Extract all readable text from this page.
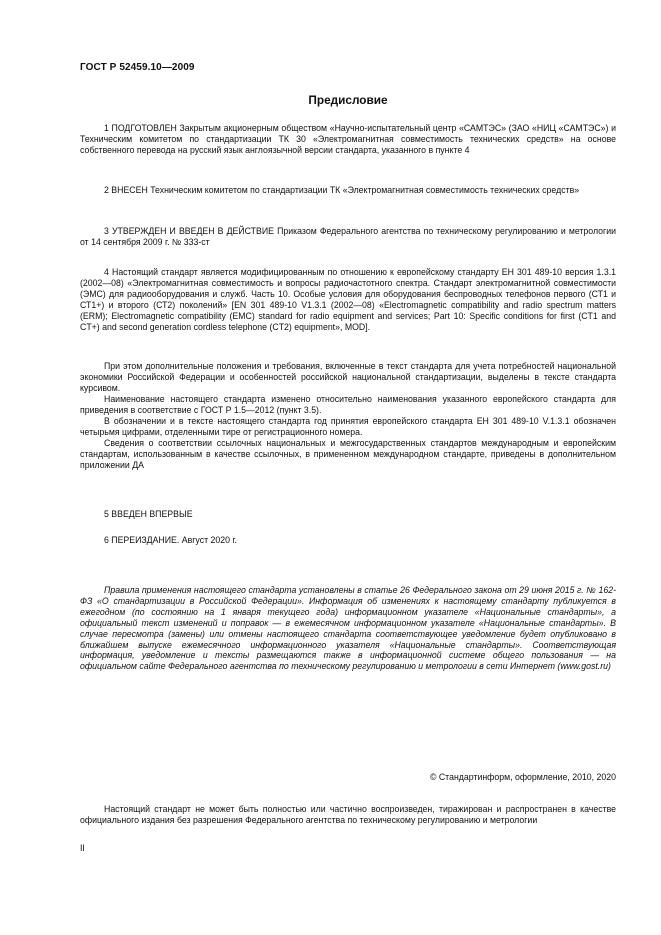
ГОСТ Р 52459.10—2009
Предисловие

1 ПОДГОТОВЛЕН Закрытым акционерным обществом «Научно-испытательный центр «САМТЭС» (ЗАО «НИЦ «САМТЭС») и Техническим комитетом по стандартизации ТК 30 «Электромагнитная совместимость технических средств» на основе собственного перевода на русский язык англоязычной версии стандарта, указанного в пункте 4

2 ВНЕСЕН Техническим комитетом по стандартизации ТК «Электромагнитная совместимость технических средств»

3 УТВЕРЖДЕН И ВВЕДЕН В ДЕЙСТВИЕ Приказом Федерального агентства по техническому регулированию и метрологии от 14 сентября 2009 г. № 333-ст

4 Настоящий стандарт является модифицированным по отношению к европейскому стандарту ЕН 301 489-10 версия 1.3.1 (2002—08) «Электромагнитная совместимость и вопросы радиочастотного спектра. Стандарт электромагнитной совместимости (ЭМС) для радиооборудования и служб. Часть 10. Особые условия для оборудования беспроводных телефонов первого (СТ1 и СТ1+) и второго (СТ2) поколений» [EN 301 489-10 V1.3.1 (2002—08) «Electromagnetic compatibility and radio spectrum matters (ERM); Electromagnetic compatibility (EMC) standard for radio equipment and services; Part 10: Specific conditions for first (CT1 and CT+) and second generation cordless telephone (CT2) equipment», MOD].

При этом дополнительные положения и требования, включенные в текст стандарта для учета потребностей национальной экономики Российской Федерации и особенностей российской национальной стандартизации, выделены в тексте стандарта курсивом.

Наименование настоящего стандарта изменено относительно наименования указанного европейского стандарта для приведения в соответствие с ГОСТ Р 1.5—2012 (пункт 3.5).

В обозначении и в тексте настоящего стандарта год принятия европейского стандарта ЕН 301 489-10 V.1.3.1 обозначен четырьмя цифрами, отделенными тире от регистрационного номера.

Сведения о соответствии ссылочных национальных и межгосударственных стандартов международным и европейским стандартам, использованным в качестве ссылочных, в примененном международном стандарте, приведены в дополнительном приложении ДА

5 ВВЕДЕН ВПЕРВЫЕ

6 ПЕРЕИЗДАНИЕ. Август 2020 г.

Правила применения настоящего стандарта установлены в статье 26 Федерального закона от 29 июня 2015 г. № 162-ФЗ «О стандартизации в Российской Федерации». Информация об изменениях к настоящему стандарту публикуется в ежегодном (по состоянию на 1 января текущего года) информационном указателе «Национальные стандарты», а официальный текст изменений и поправок — в ежемесячном информационном указателе «Национальные стандарты». В случае пересмотра (замены) или отмены настоящего стандарта соответствующее уведомление будет опубликовано в ближайшем выпуске ежемесячного информационного указателя «Национальные стандарты». Соответствующая информация, уведомление и тексты размещаются также в информационной системе общего пользования — на официальном сайте Федерального агентства по техническому регулированию и метрологии в сети Интернет (www.gost.ru)

© Стандартинформ, оформление, 2010, 2020

Настоящий стандарт не может быть полностью или частично воспроизведен, тиражирован и распространен в качестве официального издания без разрешения Федерального агентства по техническому регулированию и метрологии

II
